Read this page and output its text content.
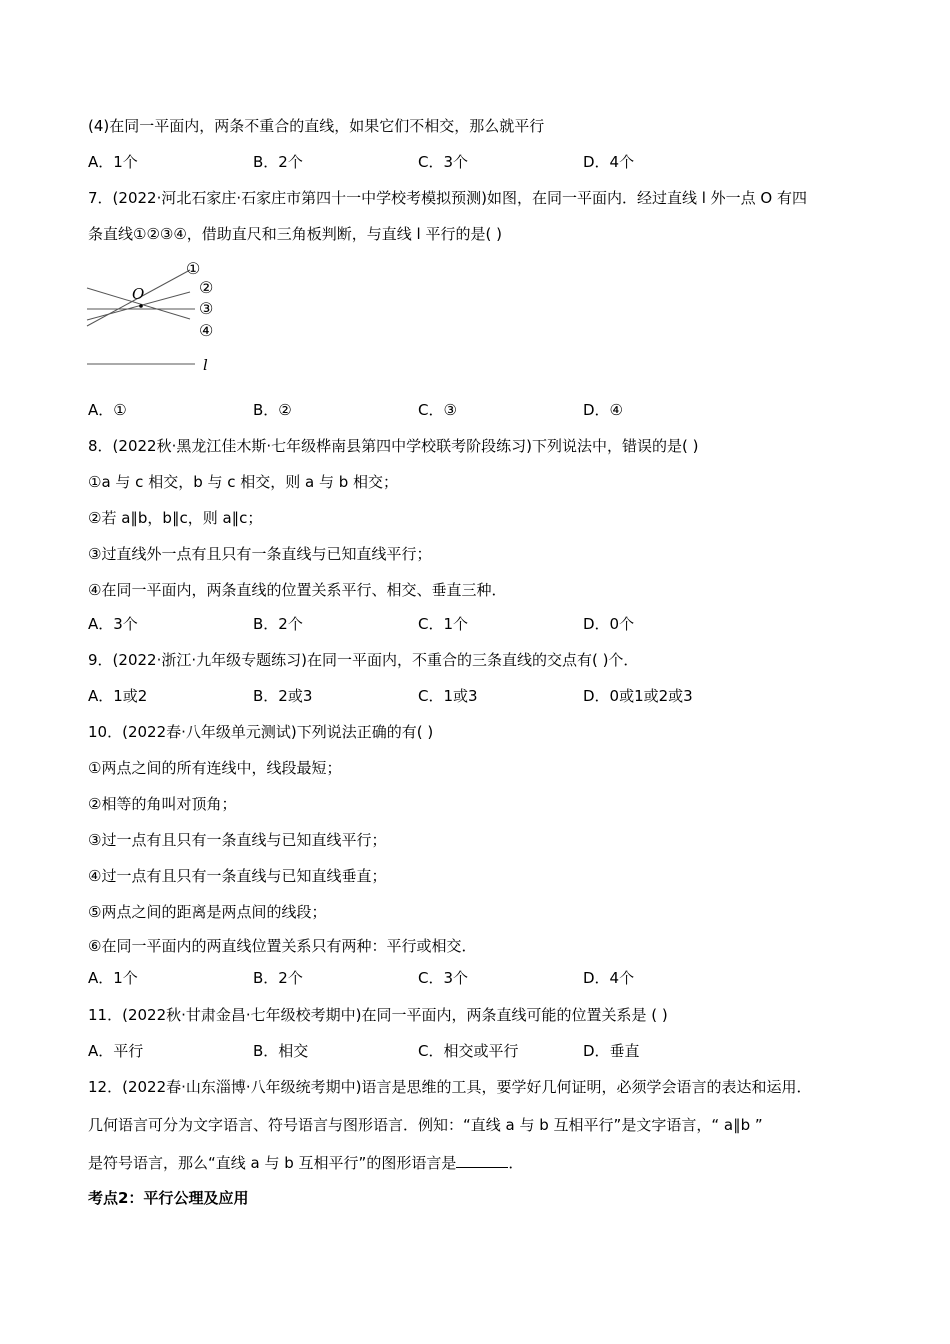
(4)在同一平面内，两条不重合的直线，如果它们不相交，那么就平行
A．1个	B．2个	C．3个	D．4个
7．(2022·河北石家庄·石家庄市第四十一中学校考模拟预测)如图，在同一平面内．经过直线 l 外一点 O 有四
条直线①②③④，借助直尺和三角板判断，与直线 l 平行的是( )
O
①
②
③
④
l
A．①	B．②	C．③	D．④
8．(2022秋·黑龙江佳木斯·七年级桦南县第四中学校联考阶段练习)下列说法中，错误的是( )
①a 与 c 相交，b 与 c 相交，则 a 与 b 相交；
②若 a∥b，b∥c，则 a∥c；
③过直线外一点有且只有一条直线与已知直线平行；
④在同一平面内，两条直线的位置关系平行、相交、垂直三种．
A．3个	B．2个	C．1个	D．0个
9．(2022·浙江·九年级专题练习)在同一平面内，不重合的三条直线的交点有( )个．
A．1或2	B．2或3	C．1或3	D．0或1或2或3
10．(2022春·八年级单元测试)下列说法正确的有( )
①两点之间的所有连线中，线段最短；
②相等的角叫对顶角；
③过一点有且只有一条直线与已知直线平行；
④过一点有且只有一条直线与已知直线垂直；
⑤两点之间的距离是两点间的线段；
⑥在同一平面内的两直线位置关系只有两种：平行或相交．
A．1个	B．2个	C．3个	D．4个
11．(2022秋·甘肃金昌·七年级校考期中)在同一平面内，两条直线可能的位置关系是 ( )
A．平行	B．相交	C．相交或平行	D．垂直
12．(2022春·山东淄博·八年级统考期中)语言是思维的工具，要学好几何证明，必须学会语言的表达和运用．
几何语言可分为文字语言、符号语言与图形语言．例知：“直线 a 与 b 互相平行”是文字语言，“ a∥b ”
是符号语言，那么“直线 a 与 b 互相平行”的图形语言是	．
考点2：平行公理及应用
